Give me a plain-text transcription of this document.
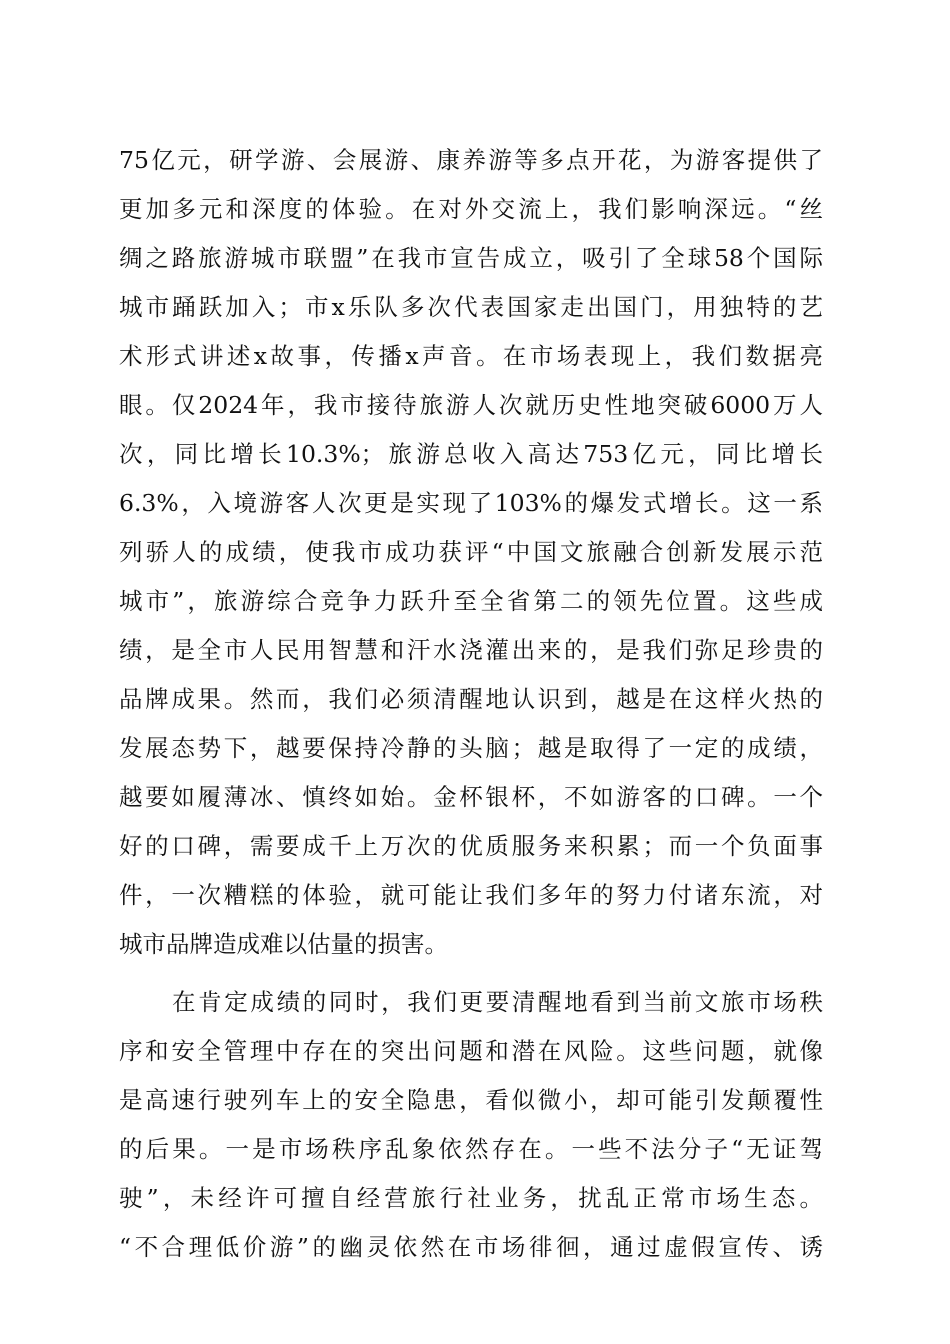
75亿元，研学游、会展游、康养游等多点开花，为游客提供了
更加多元和深度的体验。在对外交流上，我们影响深远。“丝
绸之路旅游城市联盟”在我市宣告成立，吸引了全球58个国际
城市踊跃加入；市x乐队多次代表国家走出国门，用独特的艺
术形式讲述x故事，传播x声音。在市场表现上，我们数据亮
眼。仅2024年，我市接待旅游人次就历史性地突破6000万人
次，同比增长10.3%；旅游总收入高达753亿元，同比增长
6.3%，入境游客人次更是实现了103%的爆发式增长。这一系
列骄人的成绩，使我市成功获评“中国文旅融合创新发展示范
城市”，旅游综合竞争力跃升至全省第二的领先位置。这些成
绩，是全市人民用智慧和汗水浇灌出来的，是我们弥足珍贵的
品牌成果。然而，我们必须清醒地认识到，越是在这样火热的
发展态势下，越要保持冷静的头脑；越是取得了一定的成绩，
越要如履薄冰、慎终如始。金杯银杯，不如游客的口碑。一个
好的口碑，需要成千上万次的优质服务来积累；而一个负面事
件，一次糟糕的体验，就可能让我们多年的努力付诸东流，对
城市品牌造成难以估量的损害。
在肯定成绩的同时，我们更要清醒地看到当前文旅市场秩
序和安全管理中存在的突出问题和潜在风险。这些问题，就像
是高速行驶列车上的安全隐患，看似微小，却可能引发颠覆性
的后果。一是市场秩序乱象依然存在。一些不法分子“无证驾
驶”，未经许可擅自经营旅行社业务，扰乱正常市场生态。
“不合理低价游”的幽灵依然在市场徘徊，通过虚假宣传、诱
